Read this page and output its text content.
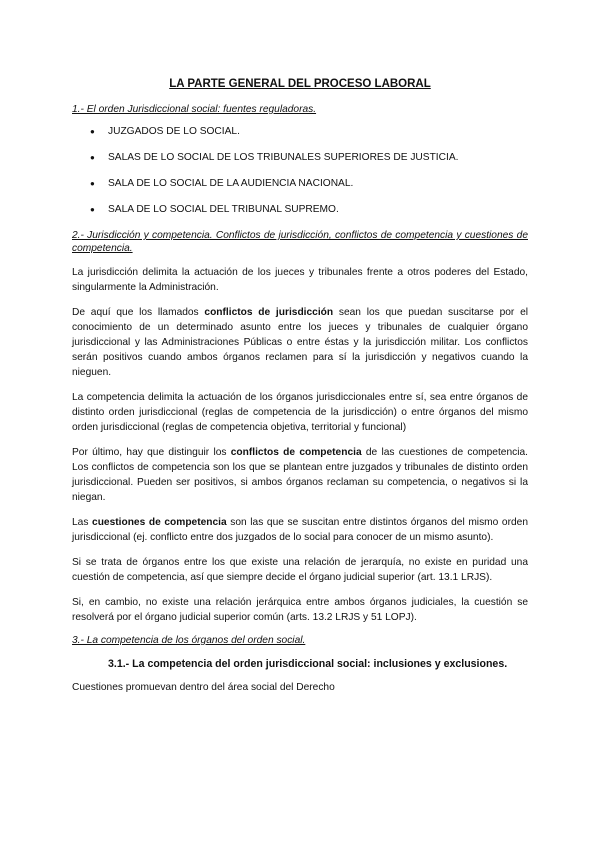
LA PARTE GENERAL DEL PROCESO LABORAL
1.- El orden Jurisdiccional social: fuentes reguladoras.
● JUZGADOS DE LO SOCIAL.
● SALAS DE LO SOCIAL DE LOS TRIBUNALES SUPERIORES DE JUSTICIA.
● SALA DE LO SOCIAL DE LA AUDIENCIA NACIONAL.
● SALA DE LO SOCIAL DEL TRIBUNAL SUPREMO.
2.- Jurisdicción y competencia. Conflictos de jurisdicción, conflictos de competencia y cuestiones de competencia.

La jurisdicción delimita la actuación de los jueces y tribunales frente a otros poderes del Estado, singularmente la Administración.

De aquí que los llamados conflictos de jurisdicción sean los que puedan suscitarse por el conocimiento de un determinado asunto entre los jueces y tribunales de cualquier órgano jurisdiccional y las Administraciones Públicas o entre éstas y la jurisdicción militar. Los conflictos serán positivos cuando ambos órganos reclamen para sí la jurisdicción y negativos cuando la nieguen.

La competencia delimita la actuación de los órganos jurisdiccionales entre sí, sea entre órganos de distinto orden jurisdiccional (reglas de competencia de la jurisdicción) o entre órganos del mismo orden jurisdiccional (reglas de competencia objetiva, territorial y funcional)

Por último, hay que distinguir los conflictos de competencia de las cuestiones de competencia. Los conflictos de competencia son los que se plantean entre juzgados y tribunales de distinto orden jurisdiccional. Pueden ser positivos, si ambos órganos reclaman su competencia, o negativos si la niegan.

Las cuestiones de competencia son las que se suscitan entre distintos órganos del mismo orden jurisdiccional (ej. conflicto entre dos juzgados de lo social para conocer de un mismo asunto).

Si se trata de órganos entre los que existe una relación de jerarquía, no existe en puridad una cuestión de competencia, así que siempre decide el órgano judicial superior (art. 13.1 LRJS).

Si, en cambio, no existe una relación jerárquica entre ambos órganos judiciales, la cuestión se resolverá por el órgano judicial superior común (arts. 13.2 LRJS y 51 LOPJ).

3.- La competencia de los órganos del orden social.
3.1.- La competencia del orden jurisdiccional social: inclusiones y exclusiones.

Cuestiones promuevan dentro del área social del Derecho
